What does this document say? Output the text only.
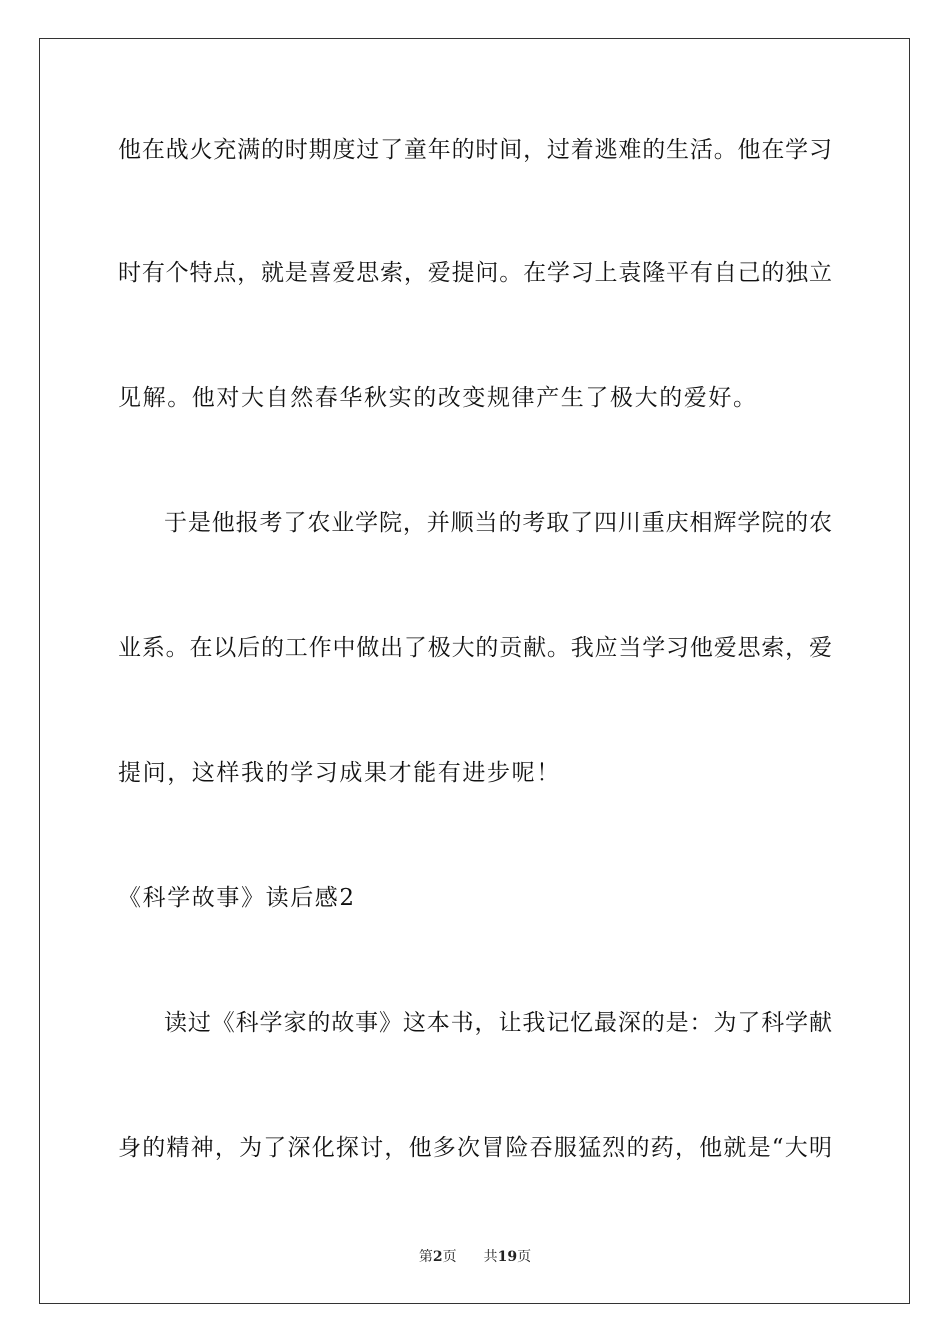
他在战火充满的时期度过了童年的时间，过着逃难的生活。他在学习
时有个特点，就是喜爱思索，爱提问。在学习上袁隆平有自己的独立
见解。他对大自然春华秋实的改变规律产生了极大的爱好。
于是他报考了农业学院，并顺当的考取了四川重庆相辉学院的农
业系。在以后的工作中做出了极大的贡献。我应当学习他爱思索，爱
提问，这样我的学习成果才能有进步呢！
《科学故事》读后感2
读过《科学家的故事》这本书，让我记忆最深的是：为了科学献
身的精神，为了深化探讨，他多次冒险吞服猛烈的药，他就是“大明
第2页 共19页
